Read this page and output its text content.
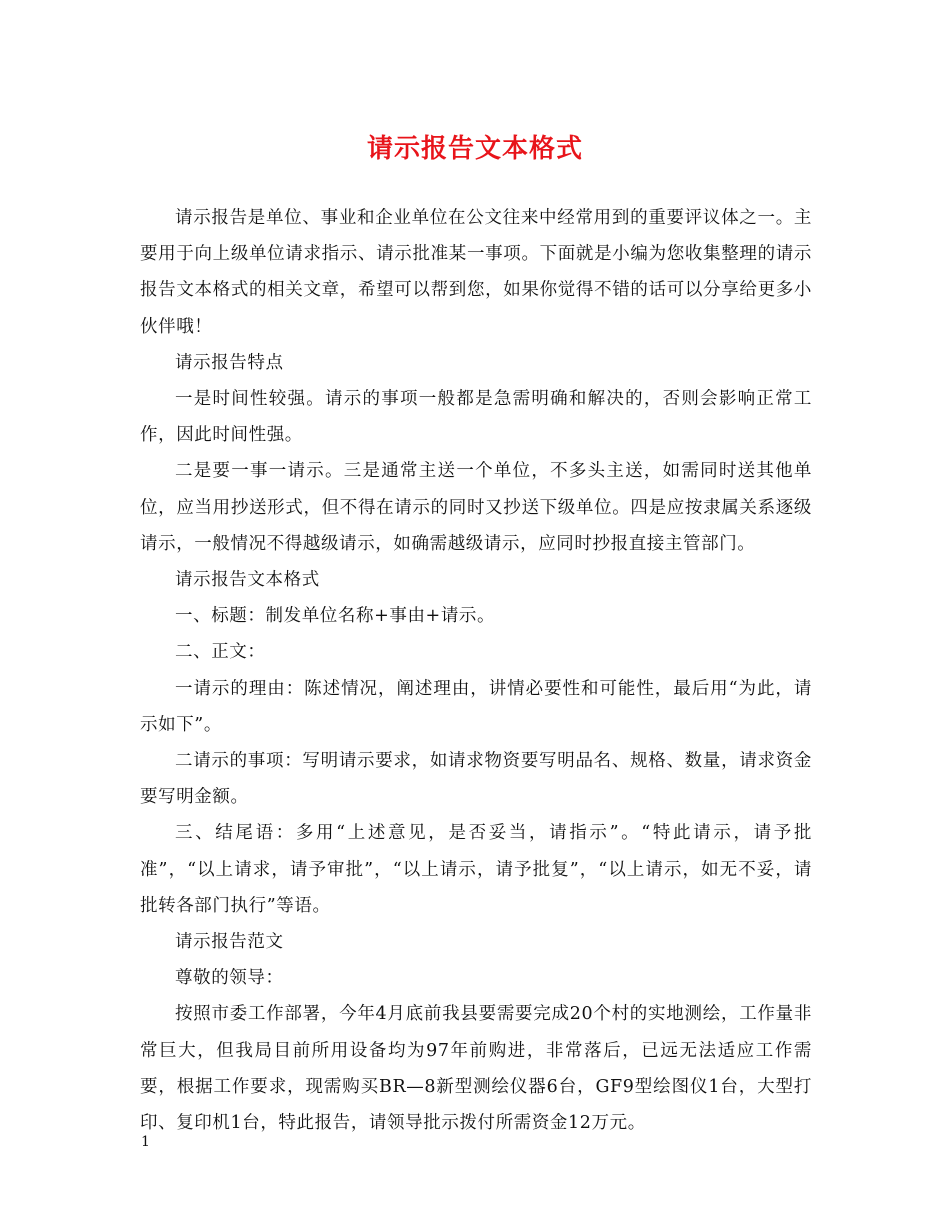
请示报告文本格式

请示报告是单位、事业和企业单位在公文往来中经常用到的重要评议体之一。主要用于向上级单位请求指示、请示批准某一事项。下面就是小编为您收集整理的请示报告文本格式的相关文章，希望可以帮到您，如果你觉得不错的话可以分享给更多小伙伴哦！

请示报告特点

一是时间性较强。请示的事项一般都是急需明确和解决的，否则会影响正常工作，因此时间性强。

二是要一事一请示。三是通常主送一个单位，不多头主送，如需同时送其他单位，应当用抄送形式，但不得在请示的同时又抄送下级单位。四是应按隶属关系逐级请示，一般情况不得越级请示，如确需越级请示，应同时抄报直接主管部门。

请示报告文本格式

一、标题：制发单位名称+事由+请示。

二、正文：

一请示的理由：陈述情况，阐述理由，讲情必要性和可能性，最后用“为此，请示如下”。

二请示的事项：写明请示要求，如请求物资要写明品名、规格、数量，请求资金要写明金额。

三、结尾语：多用“上述意见，是否妥当，请指示”。“特此请示，请予批准”，“以上请求，请予审批”，“以上请示，请予批复”，“以上请示，如无不妥，请批转各部门执行”等语。

请示报告范文

尊敬的领导：

按照市委工作部署，今年4月底前我县要需要完成20个村的实地测绘，工作量非常巨大，但我局目前所用设备均为97年前购进，非常落后，已远无法适应工作需要，根据工作要求，现需购买BR—8新型测绘仪器6台，GF9型绘图仪1台，大型打印、复印机1台，特此报告，请领导批示拨付所需资金12万元。

1
